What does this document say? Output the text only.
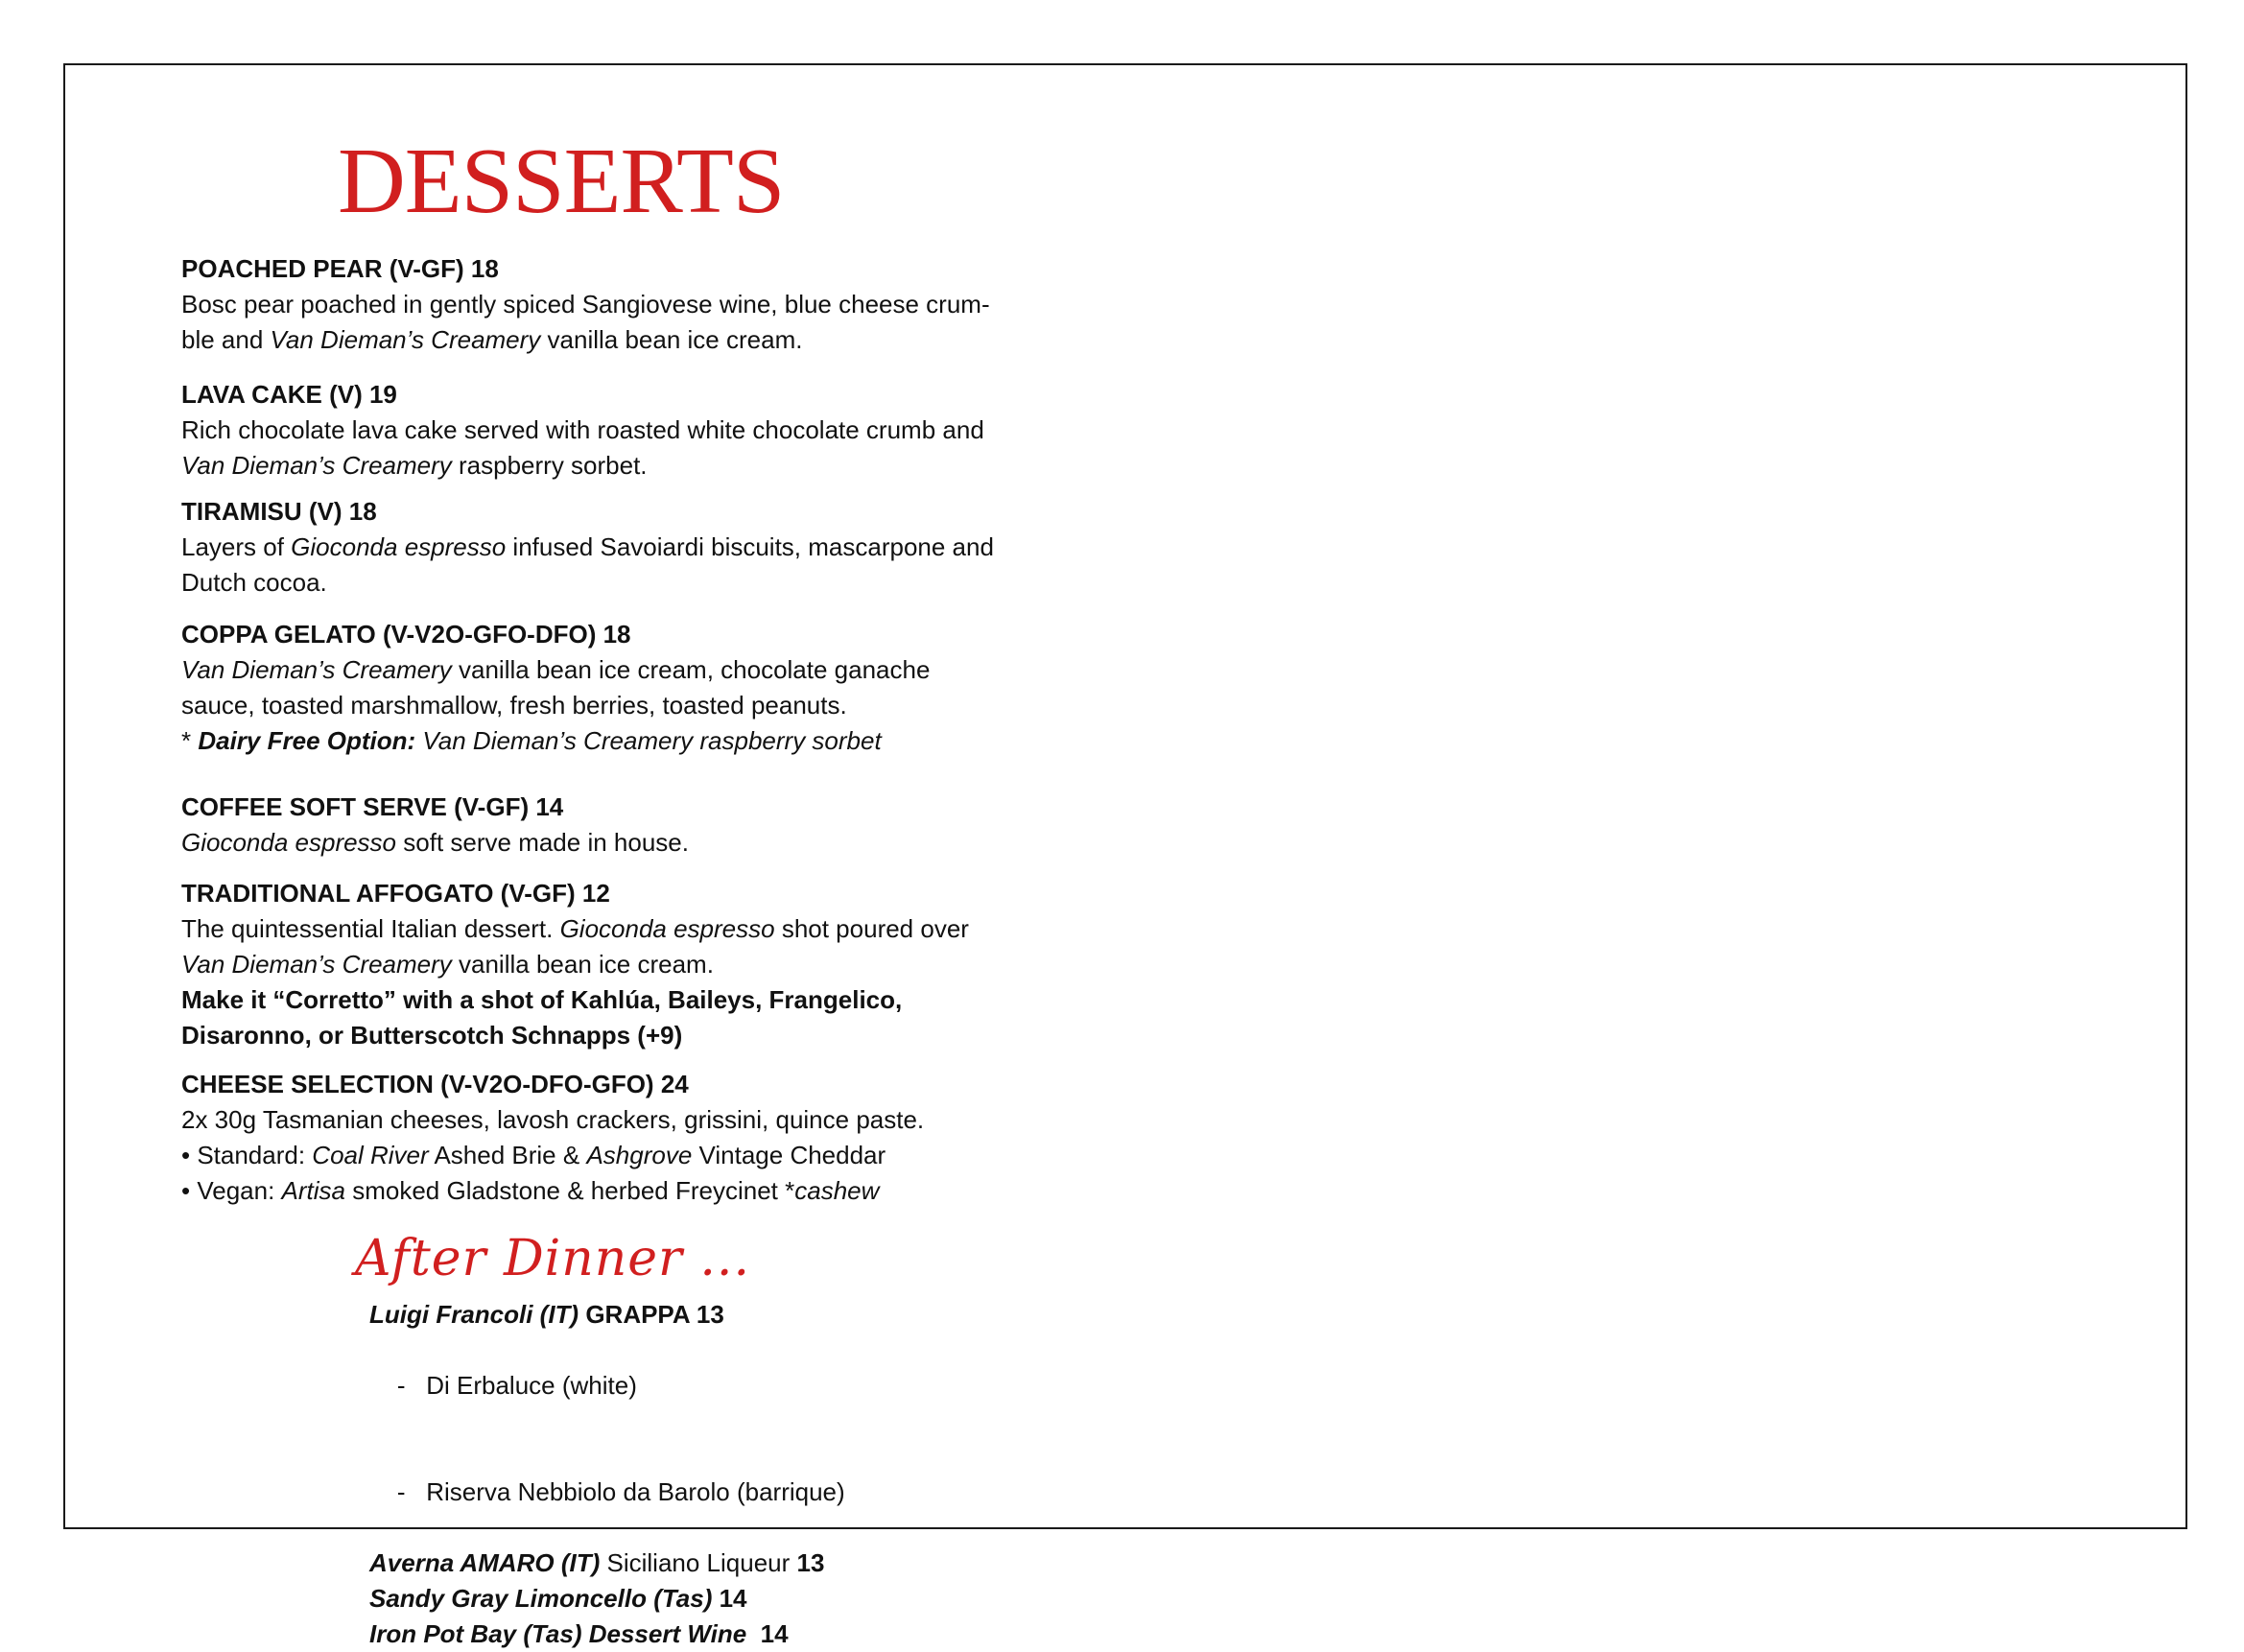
DESSERTS
POACHED PEAR (V-GF) 18
Bosc pear poached in gently spiced Sangiovese wine, blue cheese crum-
ble and Van Dieman’s Creamery vanilla bean ice cream.
LAVA CAKE (V) 19
Rich chocolate lava cake served with roasted white chocolate crumb and
Van Dieman’s Creamery raspberry sorbet.
TIRAMISU (V) 18
Layers of Gioconda espresso infused Savoiardi biscuits, mascarpone and
Dutch cocoa.
COPPA GELATO (V-V2O-GFO-DFO) 18
Van Dieman’s Creamery vanilla bean ice cream, chocolate ganache
sauce, toasted marshmallow, fresh berries, toasted peanuts.
* Dairy Free Option: Van Dieman’s Creamery raspberry sorbet
COFFEE SOFT SERVE (V-GF) 14
Gioconda espresso soft serve made in house.
TRADITIONAL AFFOGATO (V-GF) 12
The quintessential Italian dessert. Gioconda espresso shot poured over
Van Dieman’s Creamery vanilla bean ice cream.
Make it “Corretto” with a shot of Kahlúa, Baileys, Frangelico,
Disaronno, or Butterscotch Schnapps (+9)
CHEESE SELECTION (V-V2O-DFO-GFO) 24
2x 30g Tasmanian cheeses, lavosh crackers, grissini, quince paste.
• Standard: Coal River Ashed Brie & Ashgrove Vintage Cheddar
• Vegan: Artisa smoked Gladstone & herbed Freycinet *cashew
After Dinner ...
Luigi Francoli (IT) GRAPPA 13

-   Di Erbaluce (white)

-   Riserva Nebbiolo da Barolo (barrique)

Averna AMARO (IT) Siciliano Liqueur 13
Sandy Gray Limoncello (Tas) 14
Iron Pot Bay (Tas) Dessert Wine  14
